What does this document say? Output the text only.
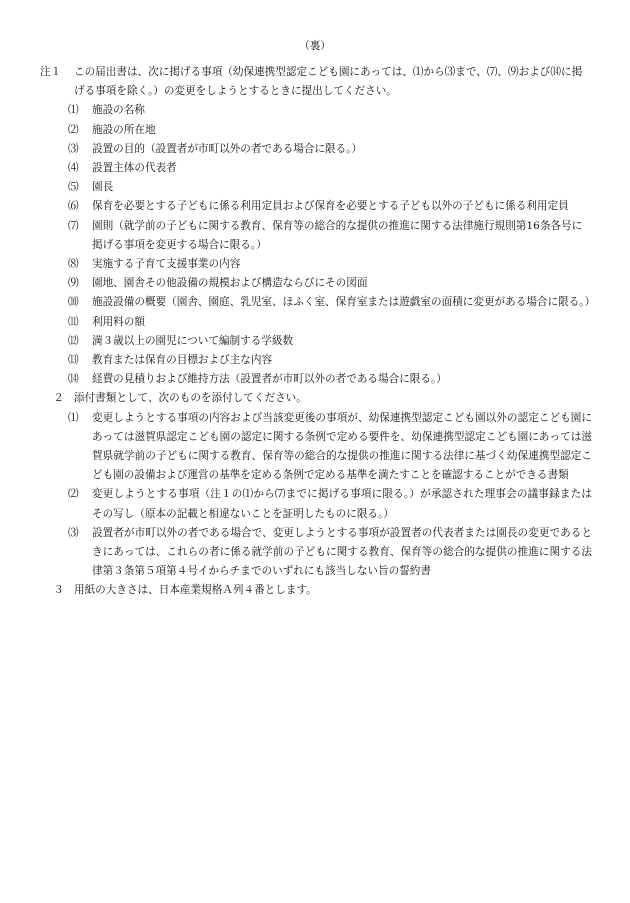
（裏）
注１	この届出書は、次に掲げる事項（幼保連携型認定こども園にあっては、⑴から⑶まで、⑺、⑼および⒁に掲げる事項を除く。）の変更をしようとするときに提出してください。
⑴	施設の名称
⑵	施設の所在地
⑶	設置の目的（設置者が市町以外の者である場合に限る。）
⑷	設置主体の代表者
⑸	園長
⑹	保育を必要とする子どもに係る利用定員および保育を必要とする子ども以外の子どもに係る利用定員
⑺	園則（就学前の子どもに関する教育、保育等の総合的な提供の推進に関する法律施行規則第16条各号に掲げる事項を変更する場合に限る。）
⑻	実施する子育て支援事業の内容
⑼	園地、園舎その他設備の規模および構造ならびにその図面
⑽	施設設備の概要（園舎、園庭、乳児室、ほふく室、保育室または遊戯室の面積に変更がある場合に限る。）
⑾	利用料の額
⑿	満３歳以上の園児について編制する学級数
⒀	教育または保育の目標および主な内容
⒁	経費の見積りおよび維持方法（設置者が市町以外の者である場合に限る。）
２ 添付書類として、次のものを添付してください。
⑴	変更しようとする事項の内容および当該変更後の事項が、幼保連携型認定こども園以外の認定こども園にあっては滋賀県認定こども園の認定に関する条例で定める要件を、幼保連携型認定こども園にあっては滋賀県就学前の子どもに関する教育、保育等の総合的な提供の推進に関する法律に基づく幼保連携型認定こども園の設備および運営の基準を定める条例で定める基準を満たすことを確認することができる書類
⑵	変更しようとする事項（注１の⑴から⑺までに掲げる事項に限る。）が承認された理事会の議事録またはその写し（原本の記載と相違ないことを証明したものに限る。）
⑶	設置者が市町以外の者である場合で、変更しようとする事項が設置者の代表者または園長の変更であるときにあっては、これらの者に係る就学前の子どもに関する教育、保育等の総合的な提供の推進に関する法律第３条第５項第４号イからチまでのいずれにも該当しない旨の誓約書
３ 用紙の大きさは、日本産業規格Ａ列４番とします。
